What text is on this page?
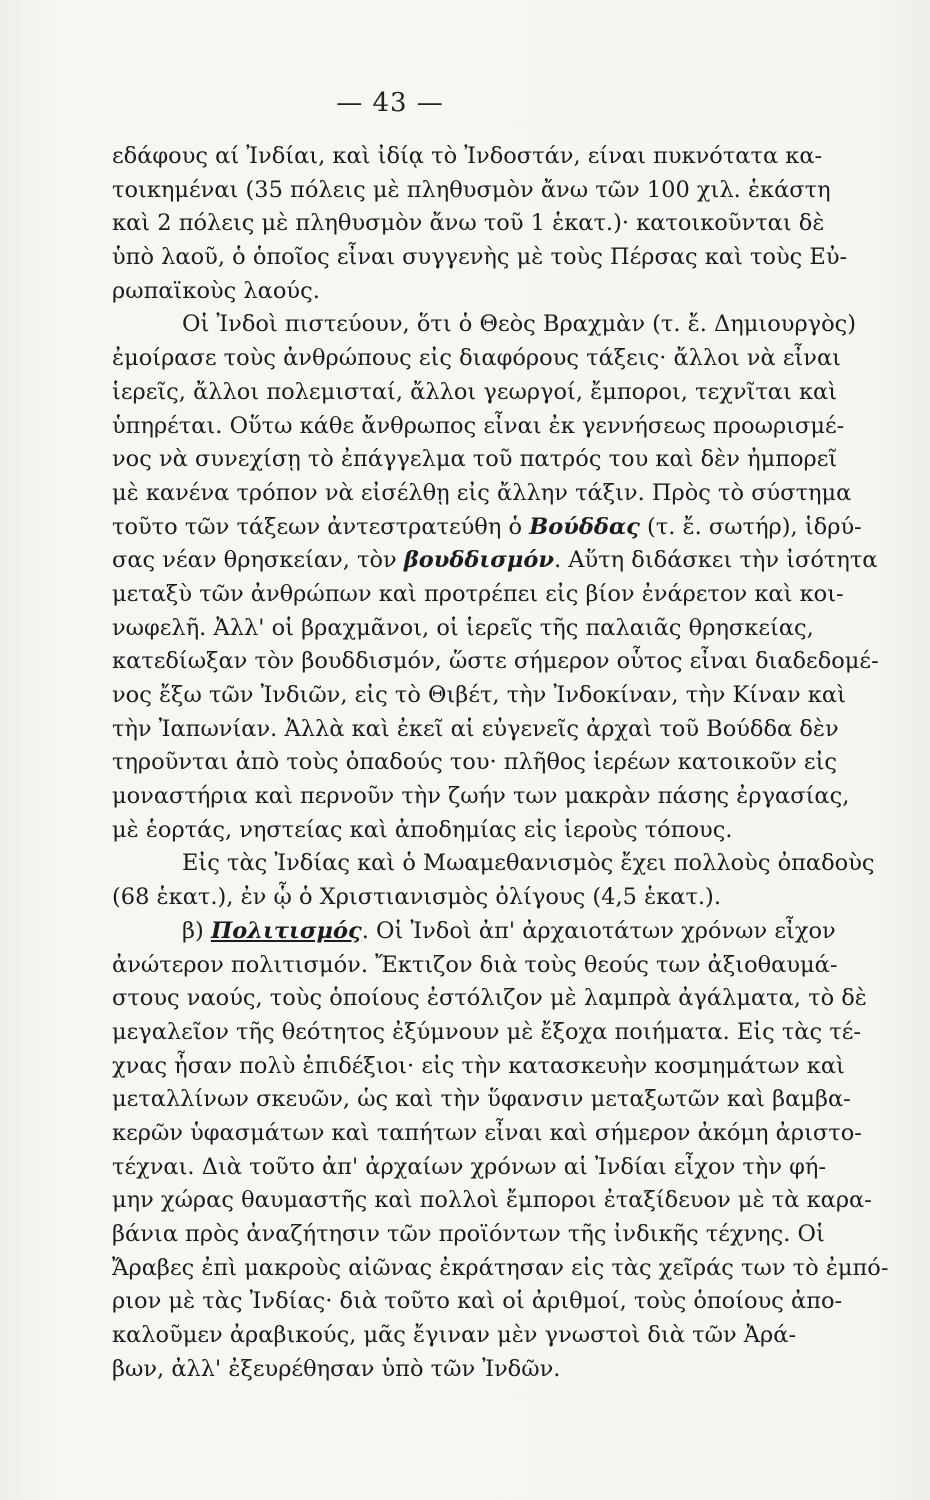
— 43 —
εδάφους αί Ἰνδίαι, καὶ ἰδίᾳ τὸ Ἰνδοστάν, είναι πυκνότατα κα-
τοικημέναι (35 πόλεις μὲ πληθυσμὸν ἄνω τῶν 100 χιλ. ἑκάστη
καὶ 2 πόλεις μὲ πληθυσμὸν ἄνω τοῦ 1 ἑκατ.)· κατοικοῦνται δὲ
ὑπὸ λαοῦ, ὁ ὁποῖος εἶναι συγγενὴς μὲ τοὺς Πέρσας καὶ τοὺς Εὐ-
ρωπαϊκοὺς λαούς.
Οἱ Ἰνδοὶ πιστεύουν, ὅτι ὁ Θεὸς Βραχμὰν (τ. ἔ. Δημιουργὸς)
ἐμοίρασε τοὺς ἀνθρώπους εἰς διαφόρους τάξεις· ἄλλοι νὰ εἶναι
ἱερεῖς, ἄλλοι πολεμισταί, ἄλλοι γεωργοί, ἔμποροι, τεχνῖται καὶ
ὑπηρέται. Οὕτω κάθε ἄνθρωπος εἶναι ἐκ γεννήσεως προωρισμέ-
νος νὰ συνεχίσῃ τὸ ἐπάγγελμα τοῦ πατρός του καὶ δὲν ἠμπορεῖ
μὲ κανένα τρόπον νὰ εἰσέλθῃ εἰς ἄλλην τάξιν. Πρὸς τὸ σύστημα
τοῦτο τῶν τάξεων ἀντεστρατεύθη ὁ Βούδδας (τ. ἔ. σωτήρ), ἱδρύ-
σας νέαν θρησκείαν, τὸν βουδδισμόν. Αὕτη διδάσκει τὴν ἰσότητα
μεταξὺ τῶν ἀνθρώπων καὶ προτρέπει εἰς βίον ἐνάρετον καὶ κοι-
νωφελῆ. Ἀλλ' οἱ βραχμᾶνοι, οἱ ἱερεῖς τῆς παλαιᾶς θρησκείας,
κατεδίωξαν τὸν βουδδισμόν, ὥστε σήμερον οὗτος εἶναι διαδεδομέ-
νος ἔξω τῶν Ἰνδιῶν, εἰς τὸ Θιβέτ, τὴν Ἰνδοκίναν, τὴν Κίναν καὶ
τὴν Ἰαπωνίαν. Ἀλλὰ καὶ ἐκεῖ αἱ εὐγενεῖς ἀρχαὶ τοῦ Βούδδα δὲν
τηροῦνται ἀπὸ τοὺς ὀπαδούς του· πλῆθος ἱερέων κατοικοῦν εἰς
μοναστήρια καὶ περνοῦν τὴν ζωήν των μακρὰν πάσης ἐργασίας,
μὲ ἑορτάς, νηστείας καὶ ἀποδημίας εἰς ἱεροὺς τόπους.
Εἰς τὰς Ἰνδίας καὶ ὁ Μωαμεθανισμὸς ἔχει πολλοὺς ὀπαδοὺς
(68 ἑκατ.), ἐν ᾧ ὁ Χριστιανισμὸς ὀλίγους (4,5 ἑκατ.).
β) Πολιτισμός. Οἱ Ἰνδοὶ ἀπ' ἀρχαιοτάτων χρόνων εἶχον
ἀνώτερον πολιτισμόν. Ἔκτιζον διὰ τοὺς θεούς των ἀξιοθαυμά-
στους ναούς, τοὺς ὁποίους ἐστόλιζον μὲ λαμπρὰ ἀγάλματα, τὸ δὲ
μεγαλεῖον τῆς θεότητος ἐξύμνουν μὲ ἔξοχα ποιήματα. Εἰς τὰς τέ-
χνας ἦσαν πολὺ ἐπιδέξιοι· εἰς τὴν κατασκευὴν κοσμημάτων καὶ
μεταλλίνων σκευῶν, ὡς καὶ τὴν ὕφανσιν μεταξωτῶν καὶ βαμβα-
κερῶν ὑφασμάτων καὶ ταπήτων εἶναι καὶ σήμερον ἀκόμη ἀριστο-
τέχναι. Διὰ τοῦτο ἀπ' ἀρχαίων χρόνων αἱ Ἰνδίαι εἶχον τὴν φή-
μην χώρας θαυμαστῆς καὶ πολλοὶ ἔμποροι ἐταξίδευον μὲ τὰ καρα-
βάνια πρὸς ἀναζήτησιν τῶν προϊόντων τῆς ἰνδικῆς τέχνης. Οἱ
Ἄραβες ἐπὶ μακροὺς αἰῶνας ἐκράτησαν εἰς τὰς χεῖράς των τὸ ἐμπό-
ριον μὲ τὰς Ἰνδίας· διὰ τοῦτο καὶ οἱ ἀριθμοί, τοὺς ὁποίους ἀπο-
καλοῦμεν ἀραβικούς, μᾶς ἔγιναν μὲν γνωστοὶ διὰ τῶν Ἀρά-
βων, ἀλλ' ἐξευρέθησαν ὑπὸ τῶν Ἰνδῶν.
